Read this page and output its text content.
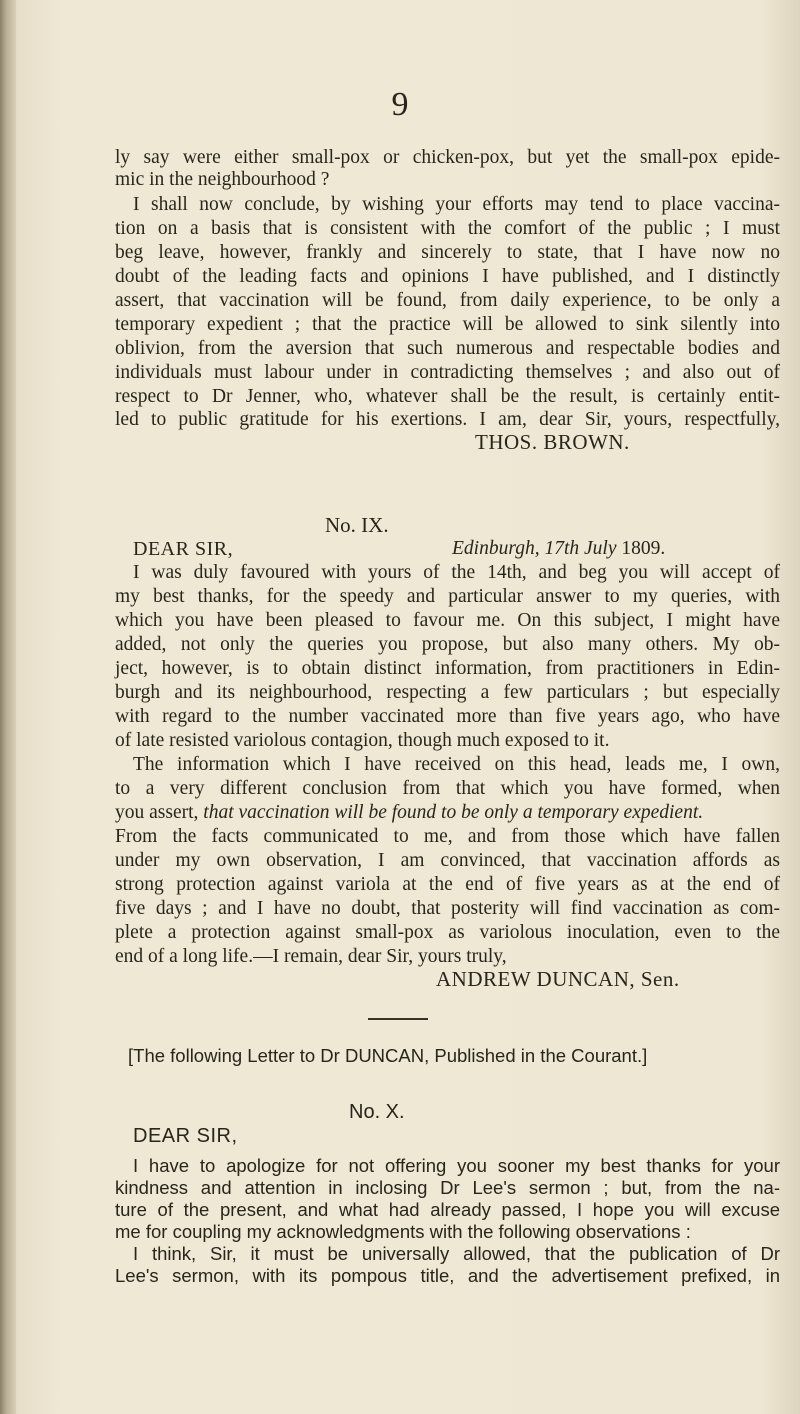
9
ly say were either small-pox or chicken-pox, but yet the small-pox epide-
mic in the neighbourhood ?
I shall now conclude, by wishing your efforts may tend to place vaccina-
tion on a basis that is consistent with the comfort of the public ; I must
beg leave, however, frankly and sincerely to state, that I have now no
doubt of the leading facts and opinions I have published, and I distinctly
assert, that vaccination will be found, from daily experience, to be only a
temporary expedient ; that the practice will be allowed to sink silently into
oblivion, from the aversion that such numerous and respectable bodies and
individuals must labour under in contradicting themselves ; and also out of
respect to Dr Jenner, who, whatever shall be the result, is certainly entit-
led to public gratitude for his exertions. I am, dear Sir, yours, respectfully,
THOS. BROWN.
No. IX.
DEAR SIR,	Edinburgh, 17th July 1809.
I was duly favoured with yours of the 14th, and beg you will accept of
my best thanks, for the speedy and particular answer to my queries, with
which you have been pleased to favour me. On this subject, I might have
added, not only the queries you propose, but also many others. My ob-
ject, however, is to obtain distinct information, from practitioners in Edin-
burgh and its neighbourhood, respecting a few particulars ; but especially
with regard to the number vaccinated more than five years ago, who have
of late resisted variolous contagion, though much exposed to it.
The information which I have received on this head, leads me, I own,
to a very different conclusion from that which you have formed, when
you assert, that vaccination will be found to be only a temporary expedient.
From the facts communicated to me, and from those which have fallen
under my own observation, I am convinced, that vaccination affords as
strong protection against variola at the end of five years as at the end of
five days ; and I have no doubt, that posterity will find vaccination as com-
plete a protection against small-pox as variolous inoculation, even to the
end of a long life.—I remain, dear Sir, yours truly,
ANDREW DUNCAN, Sen.
[The following Letter to Dr DUNCAN, Published in the Courant.]
No. X.
DEAR SIR,
I have to apologize for not offering you sooner my best thanks for your
kindness and attention in inclosing Dr Lee's sermon ; but, from the na-
ture of the present, and what had already passed, I hope you will excuse
me for coupling my acknowledgments with the following observations :
I think, Sir, it must be universally allowed, that the publication of Dr
Lee's sermon, with its pompous title, and the advertisement prefixed, in
